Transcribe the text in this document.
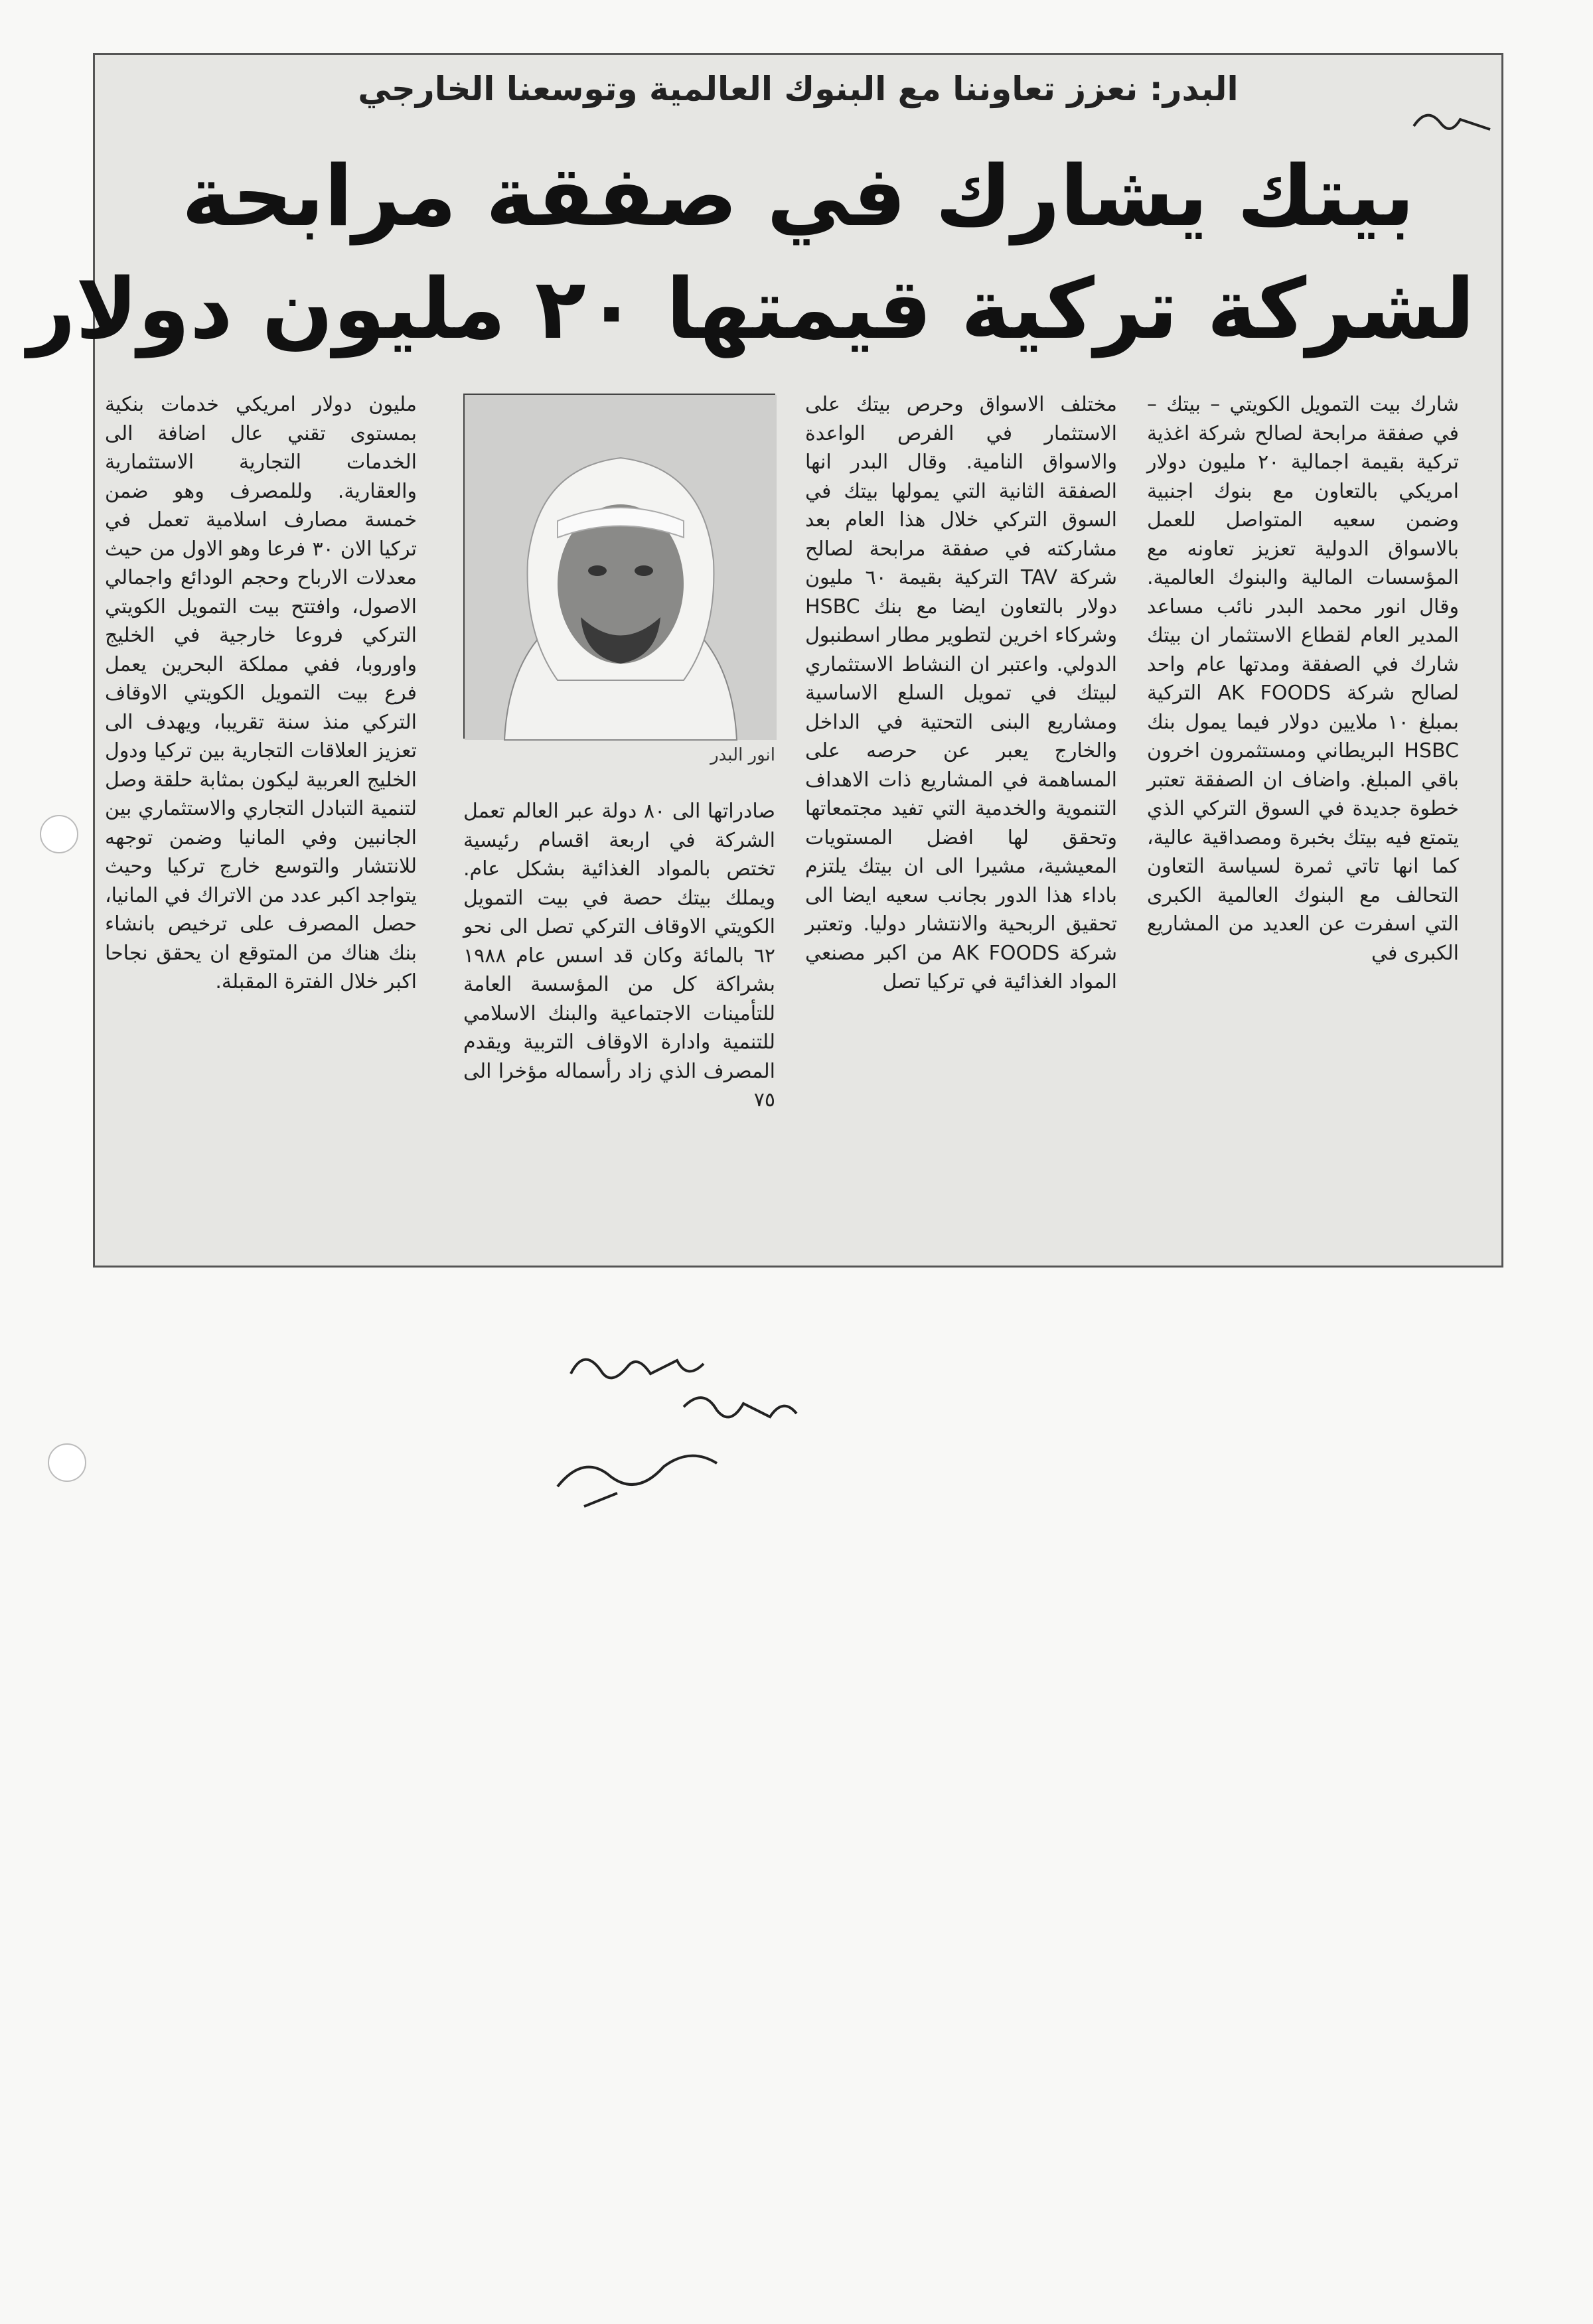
البدر: نعزز تعاوننا مع البنوك العالمية وتوسعنا الخارجي
بيتك يشارك في صفقة مرابحة
لشركة تركية قيمتها ٢٠ مليون دولار

شارك بيت التمويل الكويتي – بيتك – في صفقة مرابحة لصالح شركة اغذية تركية بقيمة اجمالية ٢٠ مليون دولار امريكي بالتعاون مع بنوك اجنبية وضمن سعيه المتواصل للعمل بالاسواق الدولية تعزيز تعاونه مع المؤسسات المالية والبنوك العالمية. وقال انور محمد البدر نائب مساعد المدير العام لقطاع الاستثمار ان بيتك شارك في الصفقة ومدتها عام واحد لصالح شركة AK FOODS التركية بمبلغ ١٠ ملايين دولار فيما يمول بنك HSBC البريطاني ومستثمرون اخرون باقي المبلغ. واضاف ان الصفقة تعتبر خطوة جديدة في السوق التركي الذي يتمتع فيه بيتك بخبرة ومصداقية عالية، كما انها تاتي ثمرة لسياسة التعاون التحالف مع البنوك العالمية الكبرى التي اسفرت عن العديد من المشاريع الكبرى في

مختلف الاسواق وحرص بيتك على الاستثمار في الفرص الواعدة والاسواق النامية. وقال البدر انها الصفقة الثانية التي يمولها بيتك في السوق التركي خلال هذا العام بعد مشاركته في صفقة مرابحة لصالح شركة TAV التركية بقيمة ٦٠ مليون دولار بالتعاون ايضا مع بنك HSBC وشركاء اخرين لتطوير مطار اسطنبول الدولي. واعتبر ان النشاط الاستثماري لبيتك في تمويل السلع الاساسية ومشاريع البنى التحتية في الداخل والخارج يعبر عن حرصه على المساهمة في المشاريع ذات الاهداف التنموية والخدمية التي تفيد مجتمعاتها وتحقق لها افضل المستويات المعيشية، مشيرا الى ان بيتك يلتزم باداء هذا الدور بجانب سعيه ايضا الى تحقيق الربحية والانتشار دوليا. وتعتبر شركة AK FOODS من اكبر مصنعي المواد الغذائية في تركيا تصل

انور البدر

صادراتها الى ٨٠ دولة عبر العالم تعمل الشركة في اربعة اقسام رئيسية تختص بالمواد الغذائية بشكل عام. ويملك بيتك حصة في بيت التمويل الكويتي الاوقاف التركي تصل الى نحو ٦٢ بالمائة وكان قد اسس عام ١٩٨٨ بشراكة كل من المؤسسة العامة للتأمينات الاجتماعية والبنك الاسلامي للتنمية وادارة الاوقاف التربية ويقدم المصرف الذي زاد رأسماله مؤخرا الى ٧٥

مليون دولار امريكي خدمات بنكية بمستوى تقني عال اضافة الى الخدمات التجارية الاستثمارية والعقارية. وللمصرف وهو ضمن خمسة مصارف اسلامية تعمل في تركيا الان ٣٠ فرعا وهو الاول من حيث معدلات الارباح وحجم الودائع واجمالي الاصول، وافتتح بيت التمويل الكويتي التركي فروعا خارجية في الخليج واوروبا، ففي مملكة البحرين يعمل فرع بيت التمويل الكويتي الاوقاف التركي منذ سنة تقريبا، ويهدف الى تعزيز العلاقات التجارية بين تركيا ودول الخليج العربية ليكون بمثابة حلقة وصل لتنمية التبادل التجاري والاستثماري بين الجانبين وفي المانيا وضمن توجهه للانتشار والتوسع خارج تركيا وحيث يتواجد اكبر عدد من الاتراك في المانيا، حصل المصرف على ترخيص بانشاء بنك هناك من المتوقع ان يحقق نجاحا اكبر خلال الفترة المقبلة.
